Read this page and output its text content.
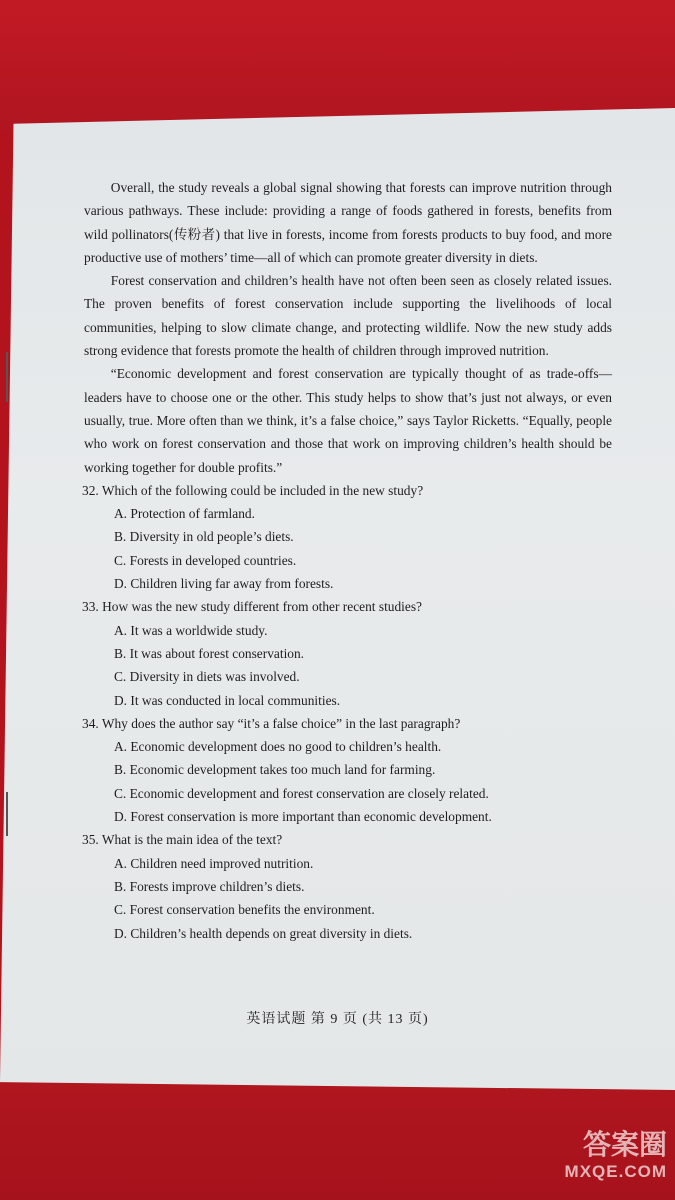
Overall, the study reveals a global signal showing that forests can improve nutrition through various pathways. These include: providing a range of foods gathered in forests, benefits from wild pollinators(传粉者) that live in forests, income from forests products to buy food, and more productive use of mothers’ time—all of which can promote greater diversity in diets.

Forest conservation and children’s health have not often been seen as closely related issues. The proven benefits of forest conservation include supporting the livelihoods of local communities, helping to slow climate change, and protecting wildlife. Now the new study adds strong evidence that forests promote the health of children through improved nutrition.

“Economic development and forest conservation are typically thought of as trade-offs—leaders have to choose one or the other. This study helps to show that’s just not always, or even usually, true. More often than we think, it’s a false choice,” says Taylor Ricketts. “Equally, people who work on forest conservation and those that work on improving children’s health should be working together for double profits.”

32. Which of the following could be included in the new study?

A. Protection of farmland.

B. Diversity in old people’s diets.

C. Forests in developed countries.

D. Children living far away from forests.

33. How was the new study different from other recent studies?

A. It was a worldwide study.

B. It was about forest conservation.

C. Diversity in diets was involved.

D. It was conducted in local communities.

34. Why does the author say “it’s a false choice” in the last paragraph?

A. Economic development does no good to children’s health.

B. Economic development takes too much land for farming.

C. Economic development and forest conservation are closely related.

D. Forest conservation is more important than economic development.

35. What is the main idea of the text?

A. Children need improved nutrition.

B. Forests improve children’s diets.

C. Forest conservation benefits the environment.

D. Children’s health depends on great diversity in diets.

英语试题 第 9 页 (共 13 页)
答案圈
MXQE.COM
